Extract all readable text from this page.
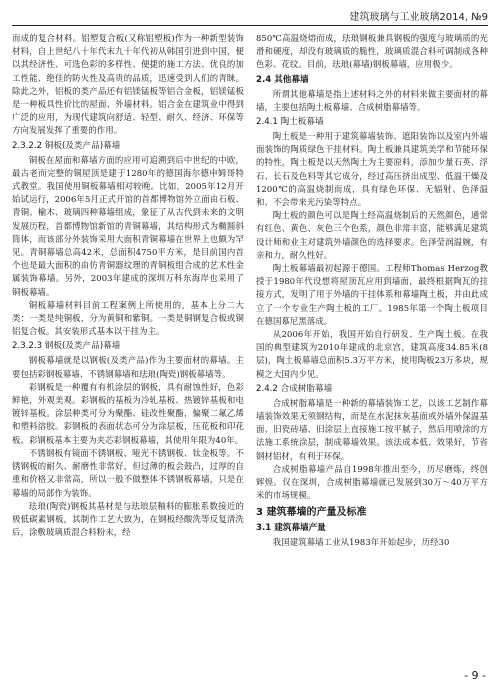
建筑玻璃与工业玻璃2014, №9

而成的复合材料。铝塑复合板(又称铝塑板)作为一种新型装饰材料，自上世纪八十年代末九十年代初从韩国引进到中国，便以其经济性、可选色彩的多样性、便捷的施工方法、优良的加工性能、绝佳的防火性及高贵的品质，迅速受到人们的青睐。除此之外，铝板的类产品还有铝镁锰板等铝合金板，铝镁锰板是一种板具性价比的屋面、外墙材料。铝合金在建筑业中得到广泛的应用，为现代建筑向舒适、轻型、耐久、经济、环保等方向发展发挥了重要的作用。

2.3.2.2 铜板(及类产品)幕墙

铜板在屋面和幕墙方面的应用可追溯到后中世纪的中欧，最古老而完整的铜屋顶是建于1280年的德国海尔德申姆哥特式教堂。我国使用铜板幕墙相对较晚。比如，2005年12月开始试运行，2006年5月正式开馆的首都博物馆外立面由石板、青铜、榆木、玻璃四种幕墙组成，象征了从古代到未来的文明发展历程，首都博物馆新馆的青铜幕墙，其结构形式为椭圆斜筒体，而该部分外装饰采用大面积青铜幕墙在世界上也颇为罕见。青铜幕墙总高42米，总面积4750平方米，是目前国内首个也是最大面积的由仿青铜器纹理的青铜板组合成的艺术性金属装饰幕墙。另外，2003年建成的深圳万科东海岸也采用了铜板幕墙。

铜板幕墙材料目前工程案例上所使用的，基本上分二大类：一类是纯铜板，分为黄铜和紫铜。一类是铜钢复合板或铜铝复合板。其安装形式基本以干挂为主。

2.3.2.3 钢板(及类产品)幕墙

钢板幕墙就是以钢板(及类产品)作为主要面材的幕墙。主要包括彩钢板幕墙、不锈钢幕墙和珐琅(陶瓷)钢板幕墙等。

彩钢板是一种覆有有机涂层的钢板，具有耐蚀性好，色彩鲜艳，外观美观。彩钢板的基板为冷轧基板、热镀锌基板和电镀锌基板。涂层种类可分为聚酯、硅改性聚酯，偏聚二氟乙烯和塑料溶胶。彩钢板的表面状态可分为涂层板，压花板和印花板。彩钢板基本主要为夹芯彩钢板幕墙，其使用年限为40年。

不锈钢板有镜面不锈钢板、哑光不锈钢板、钛金板等。不锈钢板的耐久、耐磨性非常好，但过薄的板会鼓凸，过厚的自重和价格又非常高，所以一般不做整体不锈钢板幕墙，只是在幕墙的局部作为装饰。

珐琅(陶瓷)钢板其基材是与珐琅层釉料的膨胀系数接近的极低碳素钢板，其制作工艺大致为，在钢板经酸洗等反复清洗后，涂敷玻璃质混合料粉末，经

850℃高温烧熔而成，珐琅钢板兼具钢板的强度与玻璃质的光滑和硬度，却没有玻璃质的脆性，玻璃质混合料可调制成各种色彩、花纹。目前，珐琅(幕墙)钢板幕墙，应用极少。

2.4 其他幕墙

所谓其他幕墙是指上述材料之外的材料来做主要面材的幕墙，主要包括陶土板幕墙、合成树脂幕墙等。

2.4.1 陶土板幕墙

陶土板是一种用于建筑幕墙装饰、遮阳装饰以及室内外墙面装饰的陶质绿色干挂材料。陶土板兼具建筑美学和节能环保的特性，陶土板是以天然陶土为主要原料，添加少量石英、浮石、长石及色料等其它成分，经过高压挤出成型、低温干燥及1200℃的高温烧制而成，具有绿色环保、无辐射、色泽温和、不会带来光污染等特点。

陶土板的颜色可以是陶土经高温烧制后的天然颜色，通常有红色、黄色、灰色三个色系，颜色非常丰富，能够满足建筑设计师和业主对建筑外墙颜色的选择要求。色泽莹润温婉，有亲和力，耐久性好。

陶土板幕墙最初起源于德国。工程师Thomas Herzog教授于1980年代设想将屋顶瓦应用到墙面，最终根据陶瓦的挂接方式，发明了用于外墙的干挂体系和幕墙陶土板，并由此成立了一个专业生产陶土板的工厂。1985年第一个陶土板项目在德国慕尼黑落成。

从2006年开始，我国开始自行研发、生产陶土板。在我国的典型建筑为2010年建成的北京宫，建筑高度34.85米(8层)，陶土板幕墙总面积5.3万平方米，使用陶板23万多块，规模之大国内少见。

2.4.2 合成树脂幕墙

合成树脂幕墙是一种新的幕墙装饰工艺，以该工艺制作幕墙装饰效果无须钢结构，而是在水泥抹灰基面或外墙外保温基面、旧瓷砖墙、旧涂层上直接施工按平腻子，然后用喷涂的方法施工系统涂层，制成幕墙效果。该法成本低、效果好，节省钢材铝材，有利于环保。

合成树脂幕墙产品自1998年推出至今，历尽磨炼，终创辉煌。仅在深圳，合成树脂幕墙就已发展到30万～40万平方米的市场规模。

3 建筑幕墙的产量及标准
3.1 建筑幕墙产量

我国建筑幕墙工业从1983年开始起步，历经30

- 9 -
